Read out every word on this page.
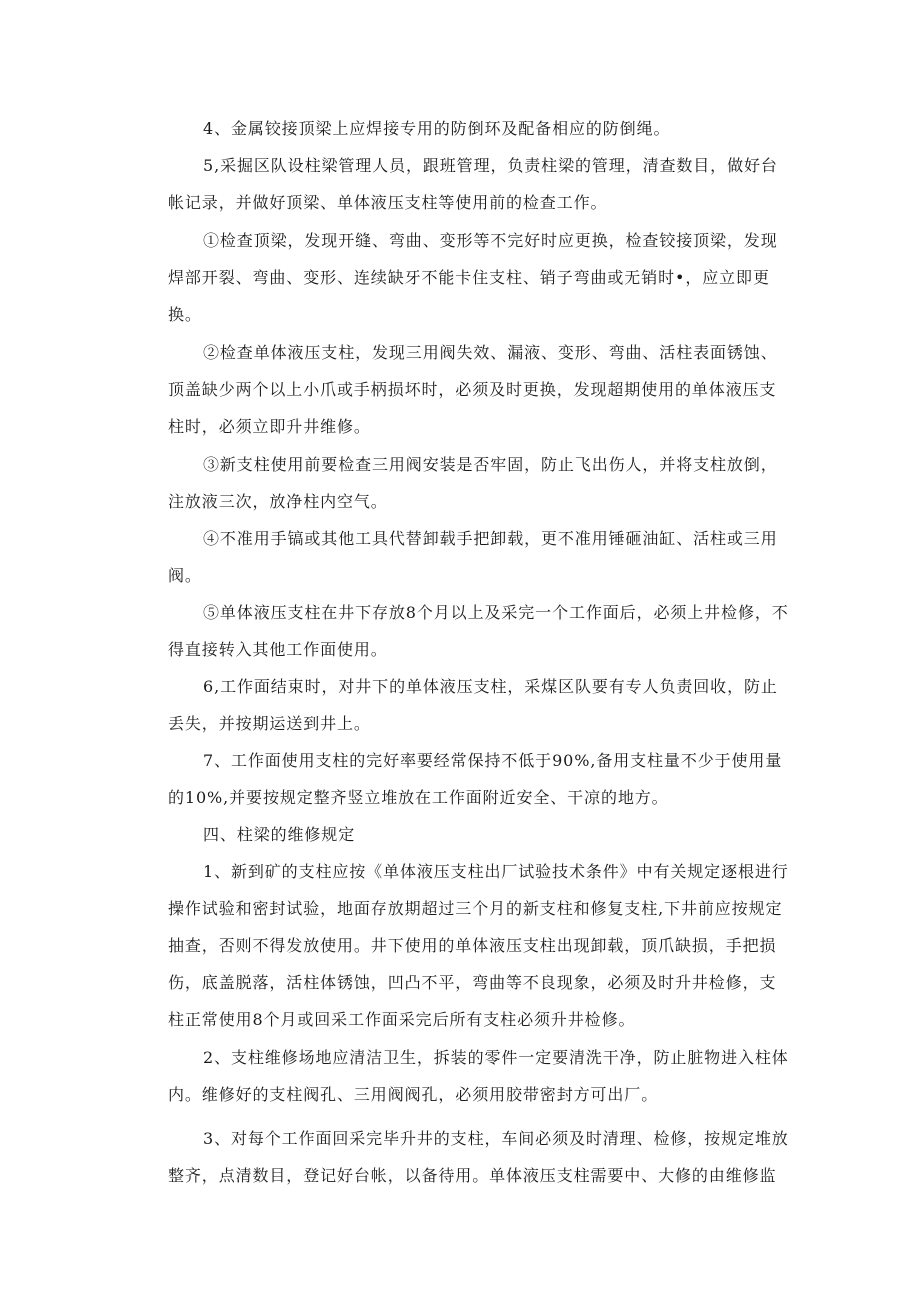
4、金属铰接顶梁上应焊接专用的防倒环及配备相应的防倒绳。

5,采掘区队设柱梁管理人员，跟班管理，负责柱梁的管理，清查数目，做好台帐记录，并做好顶梁、单体液压支柱等使用前的检查工作。

①检查顶梁，发现开缝、弯曲、变形等不完好时应更换，检查铰接顶梁，发现焊部开裂、弯曲、变形、连续缺牙不能卡住支柱、销子弯曲或无销时•，应立即更换。

②检查单体液压支柱，发现三用阀失效、漏液、变形、弯曲、活柱表面锈蚀、顶盖缺少两个以上小爪或手柄损坏时，必须及时更换，发现超期使用的单体液压支柱时，必须立即升井维修。

③新支柱使用前要检查三用阀安装是否牢固，防止飞出伤人，并将支柱放倒，注放液三次，放净柱内空气。

④不准用手镐或其他工具代替卸载手把卸载，更不准用锤砸油缸、活柱或三用阀。

⑤单体液压支柱在井下存放8个月以上及采完一个工作面后，必须上井检修，不得直接转入其他工作面使用。

6,工作面结束时，对井下的单体液压支柱，采煤区队要有专人负责回收，防止丢失，并按期运送到井上。

7、工作面使用支柱的完好率要经常保持不低于90%,备用支柱量不少于使用量的10%,并要按规定整齐竖立堆放在工作面附近安全、干凉的地方。

四、柱梁的维修规定

1、新到矿的支柱应按《单体液压支柱出厂试验技术条件》中有关规定逐根进行操作试验和密封试验，地面存放期超过三个月的新支柱和修复支柱,下井前应按规定抽查，否则不得发放使用。井下使用的单体液压支柱出现卸载，顶爪缺损，手把损伤，底盖脱落，活柱体锈蚀，凹凸不平，弯曲等不良现象，必须及时升井检修，支柱正常使用8个月或回采工作面采完后所有支柱必须升井检修。

2、支柱维修场地应清洁卫生，拆装的零件一定要清洗干净，防止脏物进入柱体内。维修好的支柱阀孔、三用阀阀孔，必须用胶带密封方可出厂。

3、对每个工作面回采完毕升井的支柱，车间必须及时清理、检修，按规定堆放整齐，点清数目，登记好台帐，以备待用。单体液压支柱需要中、大修的由维修监
